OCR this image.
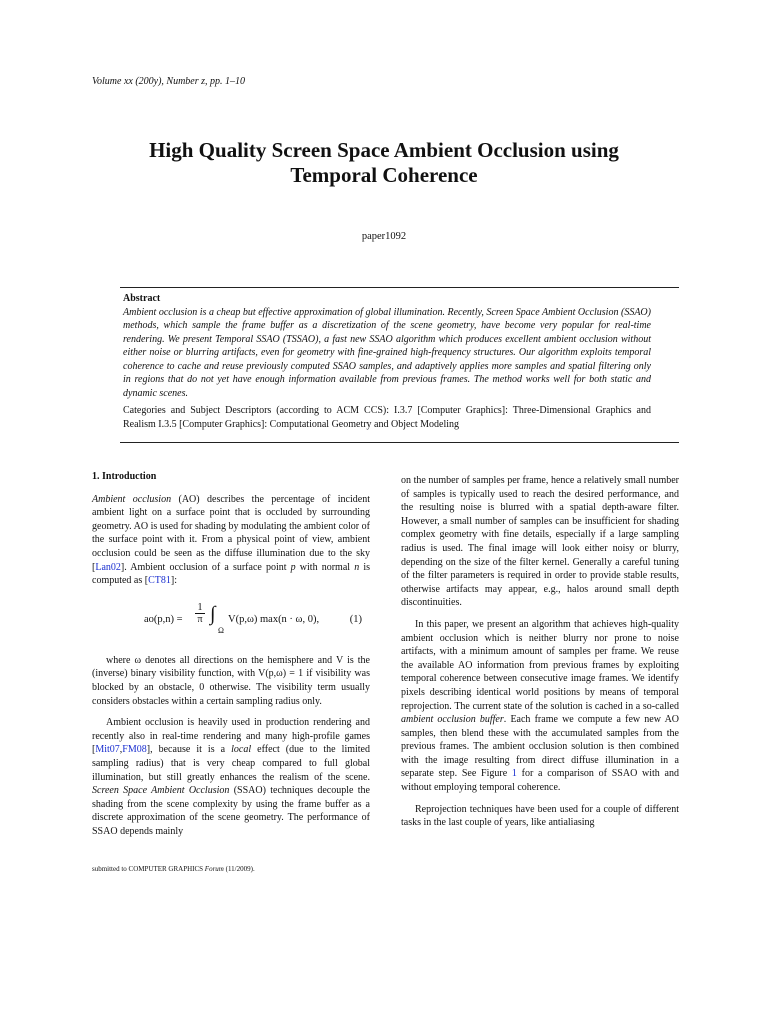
Volume xx (200y), Number z, pp. 1–10
High Quality Screen Space Ambient Occlusion using
Temporal Coherence
paper1092
Abstract
Ambient occlusion is a cheap but effective approximation of global illumination. Recently, Screen Space Ambient Occlusion (SSAO) methods, which sample the frame buffer as a discretization of the scene geometry, have become very popular for real-time rendering. We present Temporal SSAO (TSSAO), a fast new SSAO algorithm which produces excellent ambient occlusion without either noise or blurring artifacts, even for geometry with fine-grained high-frequency structures. Our algorithm exploits temporal coherence to cache and reuse previously computed SSAO samples, and adaptively applies more samples and spatial filtering only in regions that do not yet have enough information available from previous frames. The method works well for both static and dynamic scenes.
Categories and Subject Descriptors (according to ACM CCS): I.3.7 [Computer Graphics]: Three-Dimensional Graphics and Realism I.3.5 [Computer Graphics]: Computational Geometry and Object Modeling
1. Introduction

Ambient occlusion (AO) describes the percentage of incident ambient light on a surface point that is occluded by surrounding geometry. AO is used for shading by modulating the ambient color of the surface point with it. From a physical point of view, ambient occlusion could be seen as the diffuse illumination due to the sky [Lan02]. Ambient occlusion of a surface point p with normal n is computed as [CT81]:

$ao(p,n) = \frac{1}{\pi}$ ∫
Ω
V(p,ω) max(n · ω, 0),	(1)

where ω denotes all directions on the hemisphere and V is the (inverse) binary visibility function, with V(p,ω) = 1 if visibility was blocked by an obstacle, 0 otherwise. The visibility term usually considers obstacles within a certain sampling radius only.

Ambient occlusion is heavily used in production rendering and recently also in real-time rendering and many high-profile games [Mit07,FM08], because it is a local effect (due to the limited sampling radius) that is very cheap compared to full global illumination, but still greatly enhances the realism of the scene. Screen Space Ambient Occlusion (SSAO) techniques decouple the shading from the scene complexity by using the frame buffer as a discrete approximation of the scene geometry. The performance of SSAO depends mainly

on the number of samples per frame, hence a relatively small number of samples is typically used to reach the desired performance, and the resulting noise is blurred with a spatial depth-aware filter. However, a small number of samples can be insufficient for shading complex geometry with fine details, especially if a large sampling radius is used. The final image will look either noisy or blurry, depending on the size of the filter kernel. Generally a careful tuning of the filter parameters is required in order to provide stable results, otherwise artifacts may appear, e.g., halos around small depth discontinuities.

In this paper, we present an algorithm that achieves high-quality ambient occlusion which is neither blurry nor prone to noise artifacts, with a minimum amount of samples per frame. We reuse the available AO information from previous frames by exploiting temporal coherence between consecutive image frames. We identify pixels describing identical world positions by means of temporal reprojection. The current state of the solution is cached in a so-called ambient occlusion buffer. Each frame we compute a few new AO samples, then blend these with the accumulated samples from the previous frames. The ambient occlusion solution is then combined with the image resulting from direct diffuse illumination in a separate step. See Figure 1 for a comparison of SSAO with and without employing temporal coherence.

Reprojection techniques have been used for a couple of different tasks in the last couple of years, like antialiasing

submitted to COMPUTER GRAPHICS Forum (11/2009).
